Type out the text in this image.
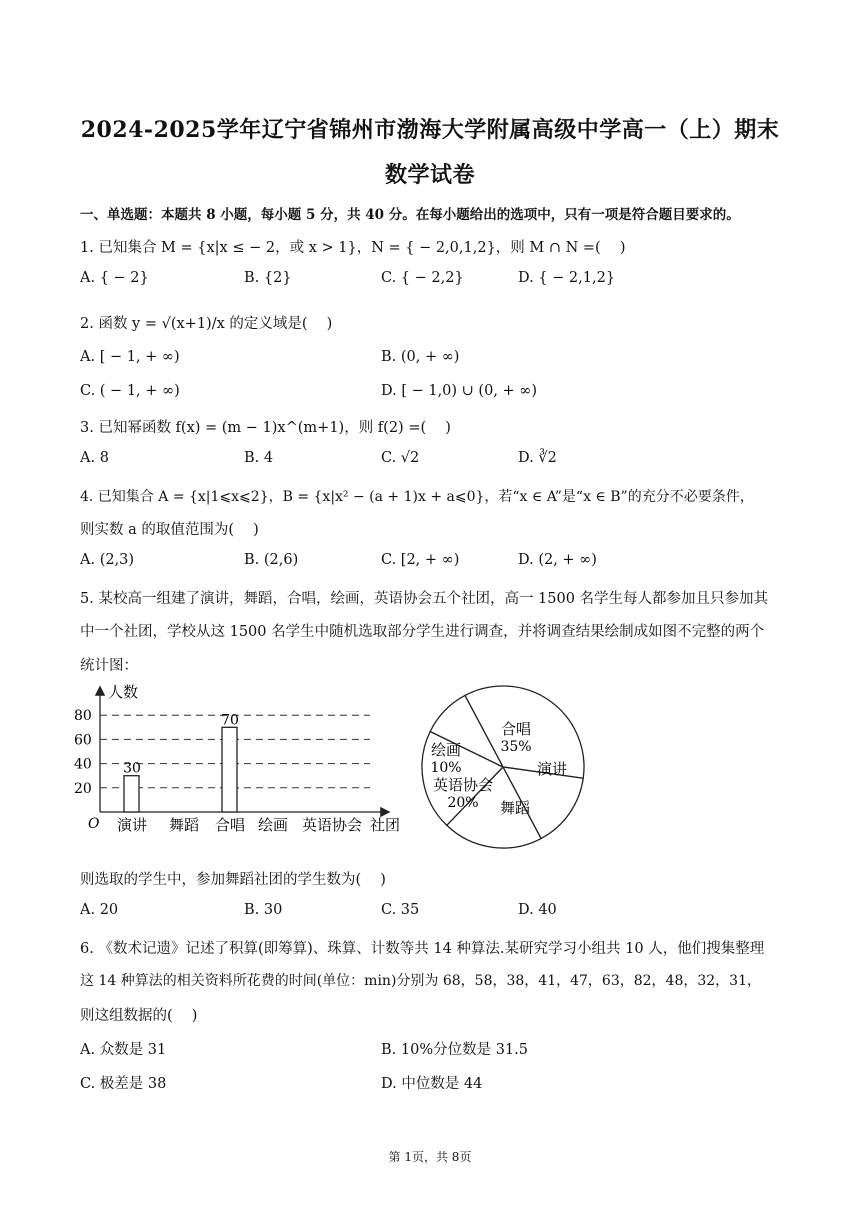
2024-2025学年辽宁省锦州市渤海大学附属高级中学高一（上）期末
数学试卷
一、单选题：本题共 8 小题，每小题 5 分，共 40 分。在每小题给出的选项中，只有一项是符合题目要求的。
1. 已知集合 M = {x|x ≤ − 2，或 x > 1}，N = { − 2,0,1,2}，则 M ∩ N =(　 )
A. { − 2}	B. {2}	C. { − 2,2}	D. { − 2,1,2}
2. 函数 y = √(x+1)/x 的定义域是(　 )
A. [ − 1, + ∞)	B. (0, + ∞)
C. ( − 1, + ∞)	D. [ − 1,0) ∪ (0, + ∞)
3. 已知幂函数 f(x) = (m − 1)x^(m+1)，则 f(2) =(　 )
A. 8	B. 4	C. √2	D. ∛2
4. 已知集合 A = {x|1⩽x⩽2}，B = {x|x² − (a + 1)x + a⩽0}，若“x ∈ A”是“x ∈ B”的充分不必要条件，
则实数 a 的取值范围为(　 )
A. (2,3)	B. (2,6)	C. [2, + ∞)	D. (2, + ∞)
5. 某校高一组建了演讲，舞蹈，合唱，绘画，英语协会五个社团，高一 1500 名学生每人都参加且只参加其
中一个社团，学校从这 1500 名学生中随机选取部分学生进行调查，并将调查结果绘制成如图不完整的两个
统计图：
20
40
60
80
演讲
30
舞蹈 合唱
70
绘画 英语协会
人数
社团
O
合唱
35%
演讲
舞蹈
英语协会
20%
绘画
10%
则选取的学生中，参加舞蹈社团的学生数为(　 )
A. 20	B. 30	C. 35	D. 40
6. 《数术记遗》记述了积算(即筹算)、珠算、计数等共 14 种算法.某研究学习小组共 10 人，他们搜集整理
这 14 种算法的相关资料所花费的时间(单位：min)分别为 68，58，38，41，47，63，82，48，32，31，
则这组数据的(　 )
A. 众数是 31	B. 10%分位数是 31.5
C. 极差是 38	D. 中位数是 44
第 1页，共 8页
